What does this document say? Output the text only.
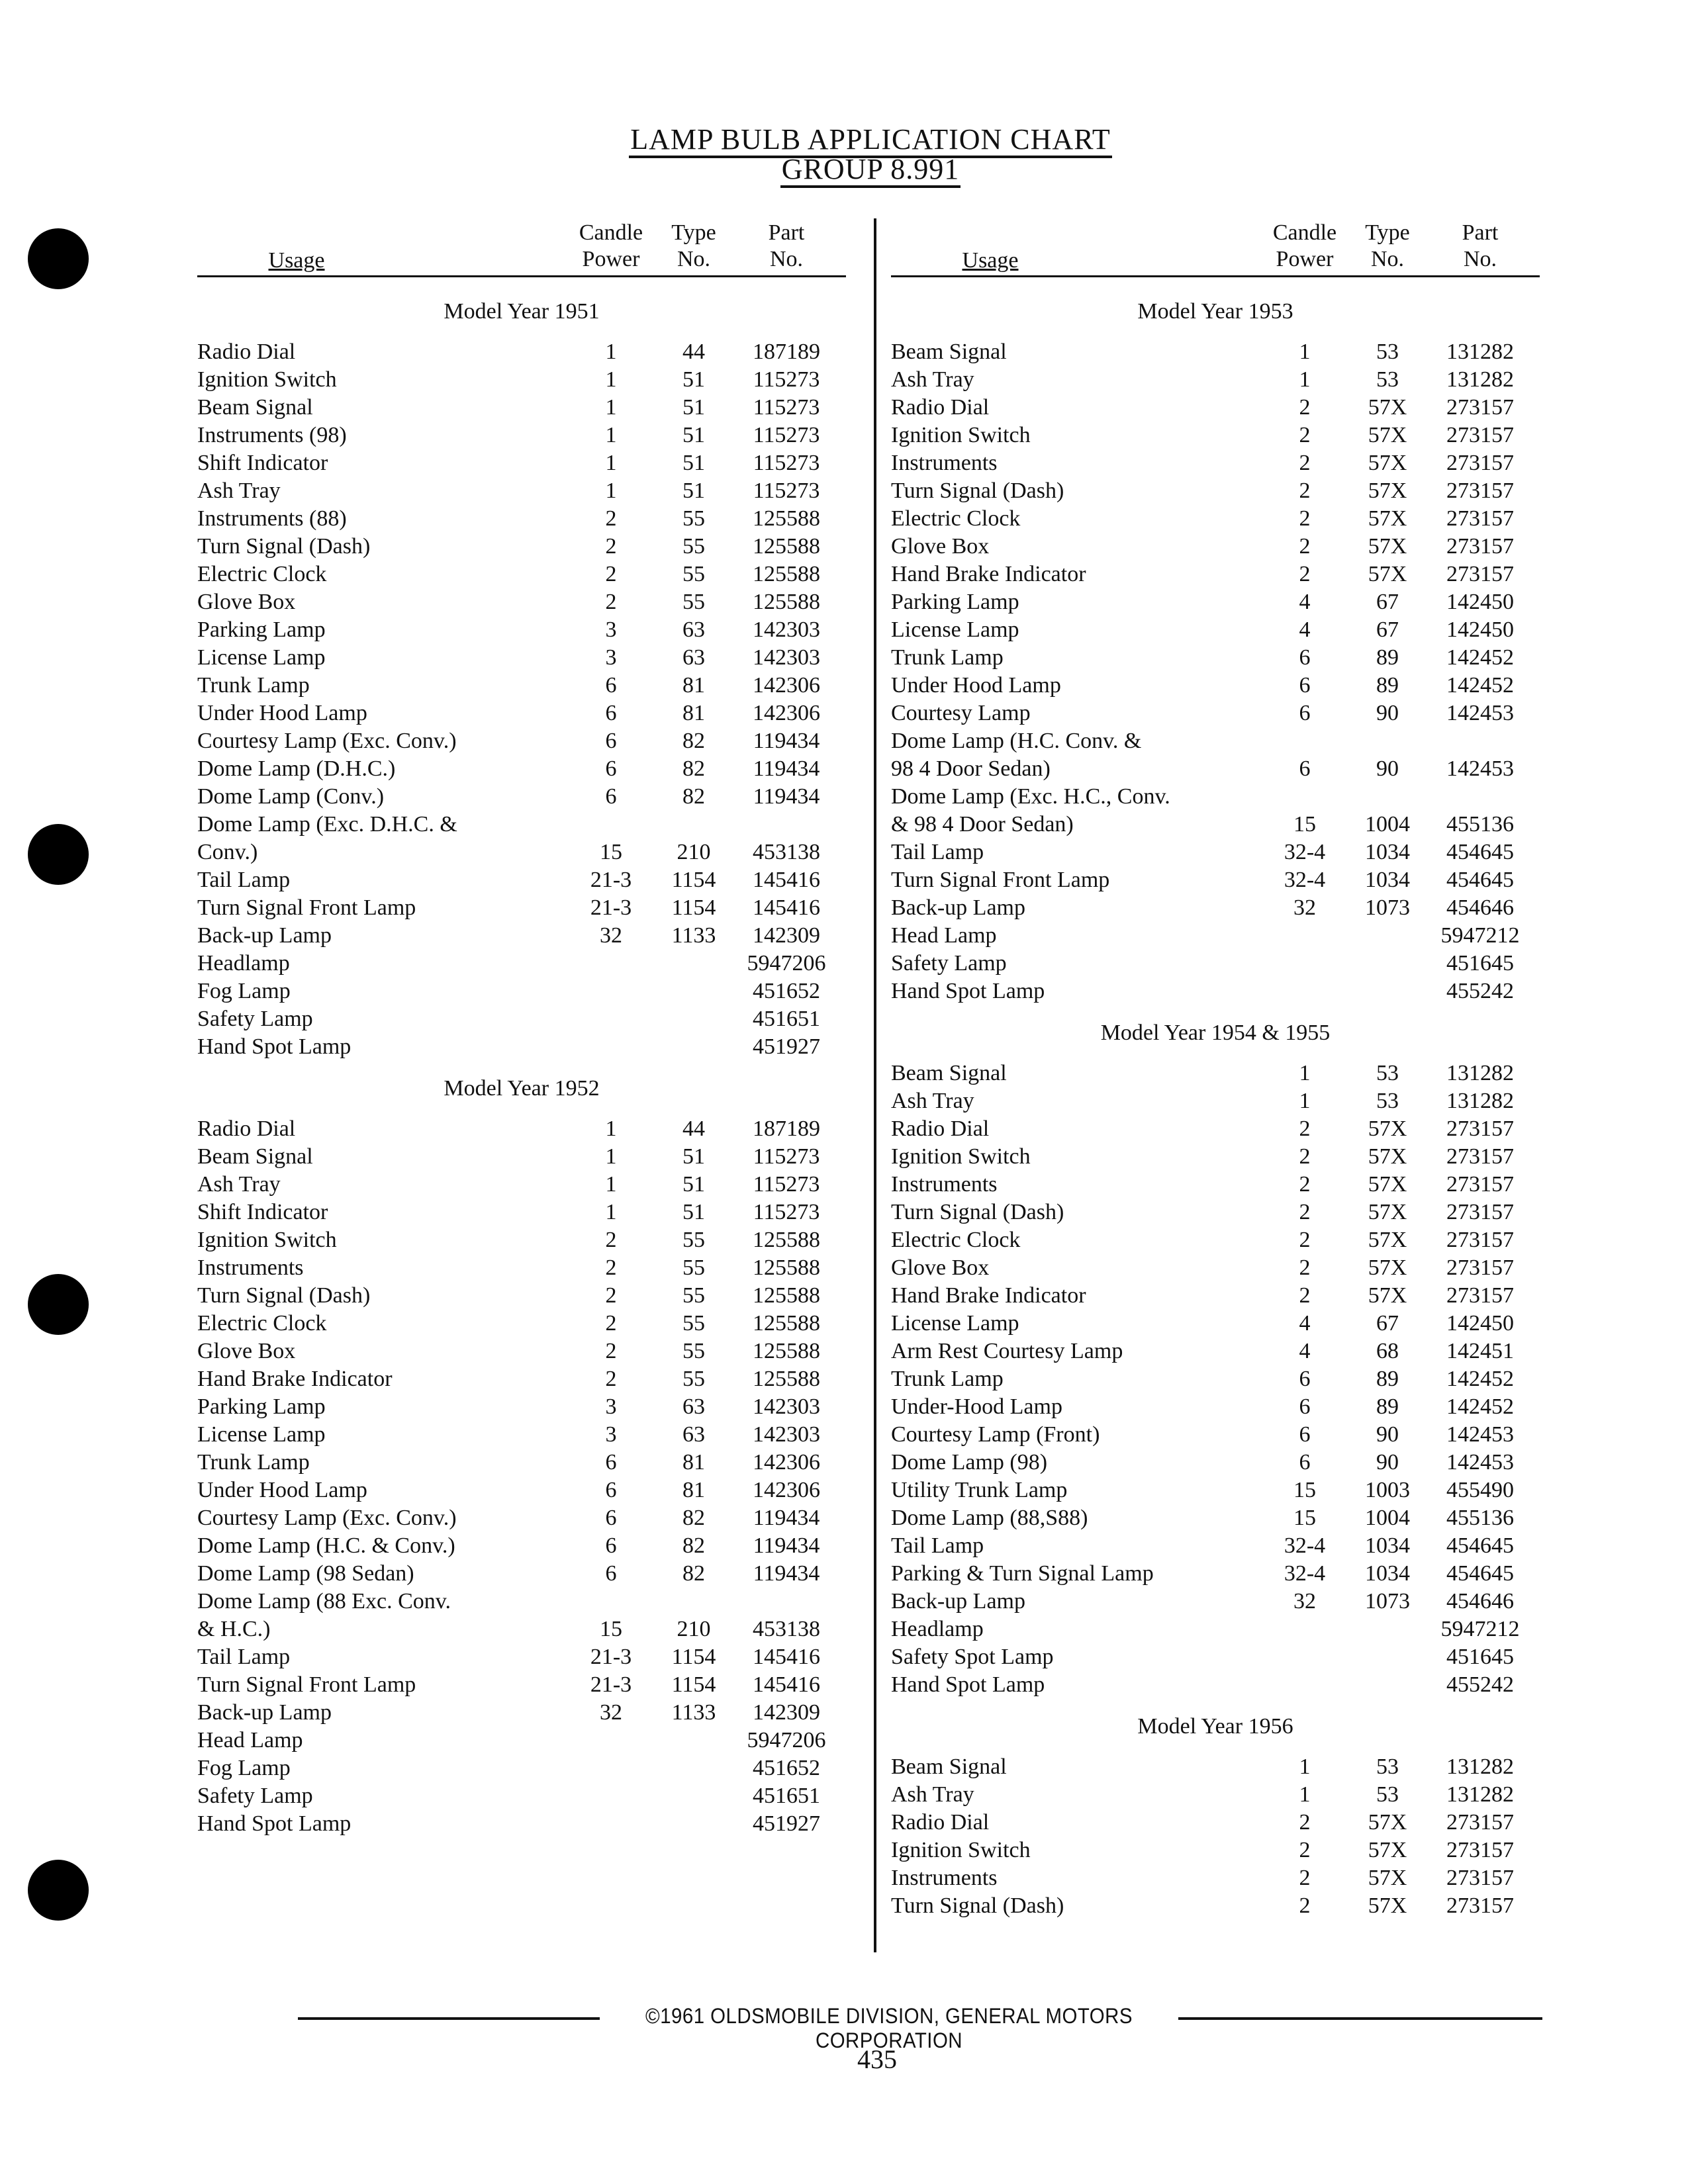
LAMP BULB APPLICATION CHART
GROUP 8.991
Usage
Candle
Power
Type
No.
Part
No.
Model Year 1951
Radio Dial	1	44	187189
Ignition Switch	1	51	115273
Beam Signal	1	51	115273
Instruments (98)	1	51	115273
Shift Indicator	1	51	115273
Ash Tray	1	51	115273
Instruments (88)	2	55	125588
Turn Signal (Dash)	2	55	125588
Electric Clock	2	55	125588
Glove Box	2	55	125588
Parking Lamp	3	63	142303
License Lamp	3	63	142303
Trunk Lamp	6	81	142306
Under Hood Lamp	6	81	142306
Courtesy Lamp (Exc. Conv.)	6	82	119434
Dome Lamp (D.H.C.)	6	82	119434
Dome Lamp (Conv.)	6	82	119434
Dome Lamp (Exc. D.H.C. &
Conv.)	15	210	453138
Tail Lamp	21-3	1154	145416
Turn Signal Front Lamp	21-3	1154	145416
Back-up Lamp	32	1133	142309
Headlamp	5947206
Fog Lamp	451652
Safety Lamp	451651
Hand Spot Lamp	451927
Model Year 1952
Radio Dial	1	44	187189
Beam Signal	1	51	115273
Ash Tray	1	51	115273
Shift Indicator	1	51	115273
Ignition Switch	2	55	125588
Instruments	2	55	125588
Turn Signal (Dash)	2	55	125588
Electric Clock	2	55	125588
Glove Box	2	55	125588
Hand Brake Indicator	2	55	125588
Parking Lamp	3	63	142303
License Lamp	3	63	142303
Trunk Lamp	6	81	142306
Under Hood Lamp	6	81	142306
Courtesy Lamp (Exc. Conv.)	6	82	119434
Dome Lamp (H.C. & Conv.)	6	82	119434
Dome Lamp (98 Sedan)	6	82	119434
Dome Lamp (88 Exc. Conv.
& H.C.)	15	210	453138
Tail Lamp	21-3	1154	145416
Turn Signal Front Lamp	21-3	1154	145416
Back-up Lamp	32	1133	142309
Head Lamp	5947206
Fog Lamp	451652
Safety Lamp	451651
Hand Spot Lamp	451927
Usage
Candle
Power
Type
No.
Part
No.
Model Year 1953
Beam Signal	1	53	131282
Ash Tray	1	53	131282
Radio Dial	2	57X	273157
Ignition Switch	2	57X	273157
Instruments	2	57X	273157
Turn Signal (Dash)	2	57X	273157
Electric Clock	2	57X	273157
Glove Box	2	57X	273157
Hand Brake Indicator	2	57X	273157
Parking Lamp	4	67	142450
License Lamp	4	67	142450
Trunk Lamp	6	89	142452
Under Hood Lamp	6	89	142452
Courtesy Lamp	6	90	142453
Dome Lamp (H.C. Conv. &
98 4 Door Sedan)	6	90	142453
Dome Lamp (Exc. H.C., Conv.
& 98 4 Door Sedan)	15	1004	455136
Tail Lamp	32-4	1034	454645
Turn Signal Front Lamp	32-4	1034	454645
Back-up Lamp	32	1073	454646
Head Lamp	5947212
Safety Lamp	451645
Hand Spot Lamp	455242
Model Year 1954 & 1955
Beam Signal	1	53	131282
Ash Tray	1	53	131282
Radio Dial	2	57X	273157
Ignition Switch	2	57X	273157
Instruments	2	57X	273157
Turn Signal (Dash)	2	57X	273157
Electric Clock	2	57X	273157
Glove Box	2	57X	273157
Hand Brake Indicator	2	57X	273157
License Lamp	4	67	142450
Arm Rest Courtesy Lamp	4	68	142451
Trunk Lamp	6	89	142452
Under-Hood Lamp	6	89	142452
Courtesy Lamp (Front)	6	90	142453
Dome Lamp (98)	6	90	142453
Utility Trunk Lamp	15	1003	455490
Dome Lamp (88,S88)	15	1004	455136
Tail Lamp	32-4	1034	454645
Parking & Turn Signal Lamp	32-4	1034	454645
Back-up Lamp	32	1073	454646
Headlamp	5947212
Safety Spot Lamp	451645
Hand Spot Lamp	455242
Model Year 1956
Beam Signal	1	53	131282
Ash Tray	1	53	131282
Radio Dial	2	57X	273157
Ignition Switch	2	57X	273157
Instruments	2	57X	273157
Turn Signal (Dash)	2	57X	273157
©1961 OLDSMOBILE DIVISION, GENERAL MOTORS CORPORATION
435
